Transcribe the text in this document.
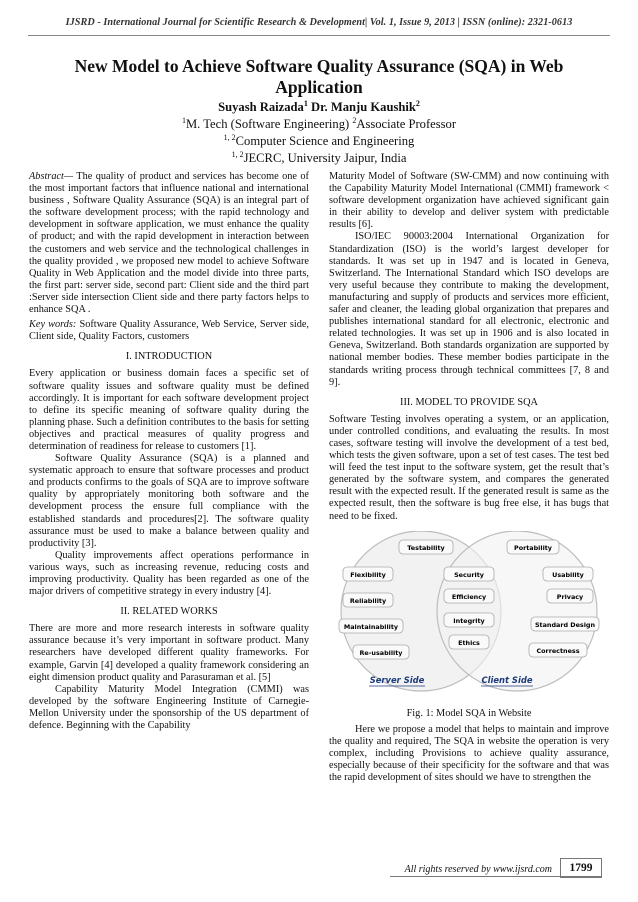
IJSRD - International Journal for Scientific Research & Development| Vol. 1, Issue 9, 2013 | ISSN (online): 2321-0613
New Model to Achieve Software Quality Assurance (SQA) in Web Application
Suyash Raizada$^1$ Dr. Manju Kaushik$^2$
$^1$M. Tech (Software Engineering) $^2$Associate Professor
$^{1, 2}$Computer Science and Engineering
$^{1, 2}$JECRC, University Jaipur, India

Abstract— The quality of product and services has become one of the most important factors that influence national and international business , Software Quality Assurance (SQA) is an integral part of the software development process; with the rapid technology and development in software application, we must enhance the quality of product; and with the rapid development in interaction between the customers and web service and the technological challenges in the quality provided , we proposed new model to achieve Software Quality in Web Application and the model divide into three parts, the first part: server side, second part: Client side and the third part :Server side intersection Client side and there party factors helps to enhance SQA .

Key words: Software Quality Assurance, Web Service, Server side, Client side, Quality Factors, customers

I. INTRODUCTION

Every application or business domain faces a specific set of software quality issues and software quality must be defined accordingly. It is important for each software development project to define its specific meaning of software quality during the planning phase. Such a definition contributes to the basis for setting objectives and practical measures of quality progress and determination of readiness for release to customers [1].

Software Quality Assurance (SQA) is a planned and systematic approach to ensure that software processes and product and products confirms to the goals of SQA are to improve software quality by appropriately monitoring both software and the development process the ensure full compliance with the established standards and procedures[2]. The software quality assurance must be used to make a balance between quality and productivity [3].

Quality improvements affect operations performance in various ways, such as increasing revenue, reducing costs and improving productivity. Quality has been regarded as one of the major drivers of competitive strategy in every industry [4].

II. RELATED WORKS

There are more and more research interests in software quality assurance because it’s very important in software product. Many researchers have developed different quality frameworks. For example, Garvin [4] developed a quality framework considering an eight dimension product quality and Parasuraman et al. [5]

Capability Maturity Model Integration (CMMI) was developed by the software Engineering Institute of Carnegie- Mellon University under the sponsorship of the US department of defence. Beginning with the Capability

Maturity Model of Software (SW-CMM) and now continuing with the Capability Maturity Model International (CMMI) framework < software development organization have achieved significant gain in their ability to develop and deliver system with predictable results [6].

ISO/IEC 90003:2004 International Organization for Standardization (ISO) is the world’s largest developer for standards. It was set up in 1947 and is located in Geneva, Switzerland. The International Standard which ISO develops are very useful because they contribute to making the development, manufacturing and supply of products and services more efficient, safer and cleaner, the leading global organization that prepares and publishes international standard for all electronic, electronic and related technologies. It was set up in 1906 and is also located in Geneva, Switzerland. Both standards organization are supported by national member bodies. These member bodies participate in the standards writing process through technical committees [7, 8 and 9].

III. MODEL TO PROVIDE SQA

Software Testing involves operating a system, or an application, under controlled conditions, and evaluating the results. In most cases, software testing will involve the development of a test bed, which tests the given software, upon a set of test cases. The test bed will feed the test input to the software system, get the result that’s generated by the software system, and compares the generated result with the expected result. If the generated result is same as the expected result, then the software is bug free else, it has bugs that need to be fixed.

Testability
Flexibility
Reliability
Maintainability
Re-usability
Security
Efficiency
Integrity
Ethics
Portability
Usability
Privacy
Standard Design
Correctness
Server Side	Client Side
Fig. 1: Model SQA in Website

Here we propose a model that helps to maintain and improve the quality and required, The SQA in website the operation is very complex, including Provisions to achieve quality assurance, especially because of their specificity for the software and that was the rapid development of sites should we have to strengthen the

All rights reserved by www.ijsrd.com	1799
